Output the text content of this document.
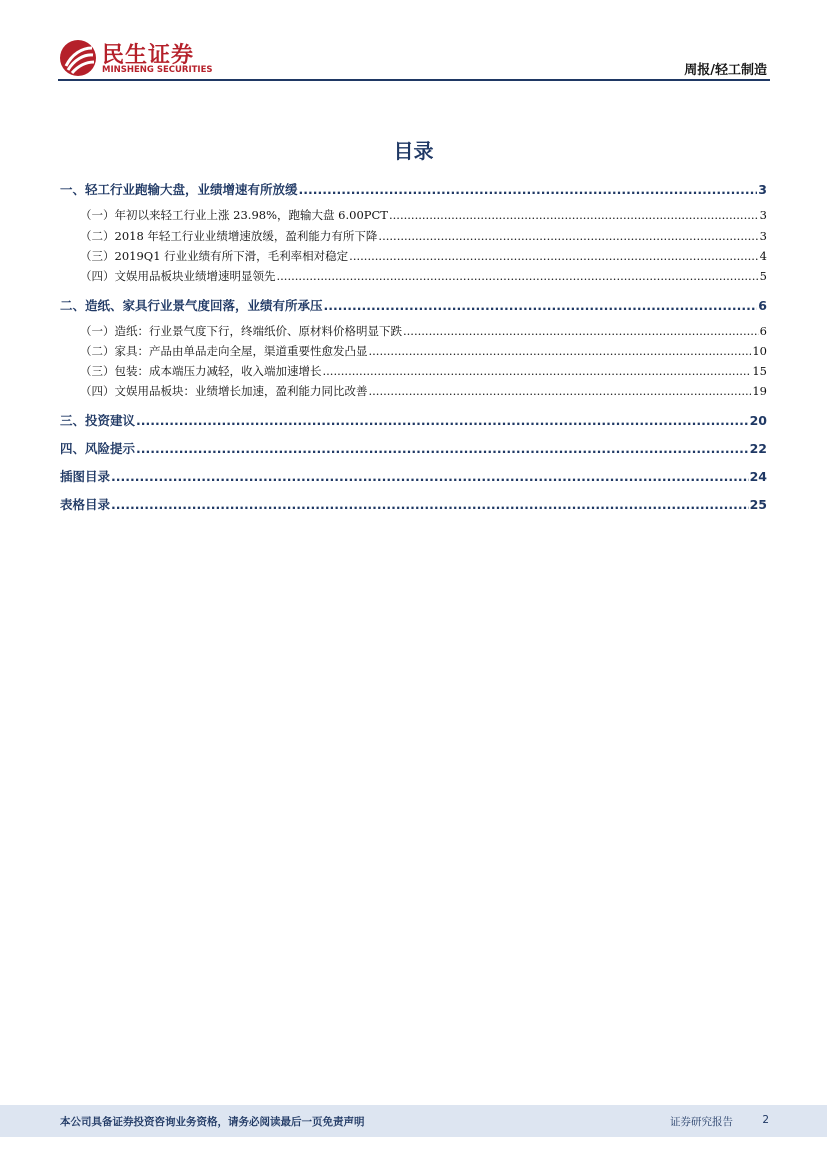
民生证券
MINSHENG SECURITIES	周报/轻工制造
目录
一、轻工行业跑输大盘，业绩增速有所放缓 .....	3
（一）年初以来轻工行业上涨 23.98%，跑输大盘 6.00PCT .....	3
（二）2018 年轻工行业业绩增速放缓，盈利能力有所下降 .....	3
（三）2019Q1 行业业绩有所下滑，毛利率相对稳定 .....	4
（四）文娱用品板块业绩增速明显领先 .....	5
二、造纸、家具行业景气度回落，业绩有所承压 .....	6
（一）造纸：行业景气度下行，终端纸价、原材料价格明显下跌 .....	6
（二）家具：产品由单品走向全屋，渠道重要性愈发凸显 .....	10
（三）包装：成本端压力减轻，收入端加速增长 .....	15
（四）文娱用品板块：业绩增长加速，盈利能力同比改善 .....	19
三、投资建议 .....	20
四、风险提示 .....	22
插图目录 .....	24
表格目录 .....	25
本公司具备证券投资咨询业务资格，请务必阅读最后一页免责声明	证券研究报告	2
